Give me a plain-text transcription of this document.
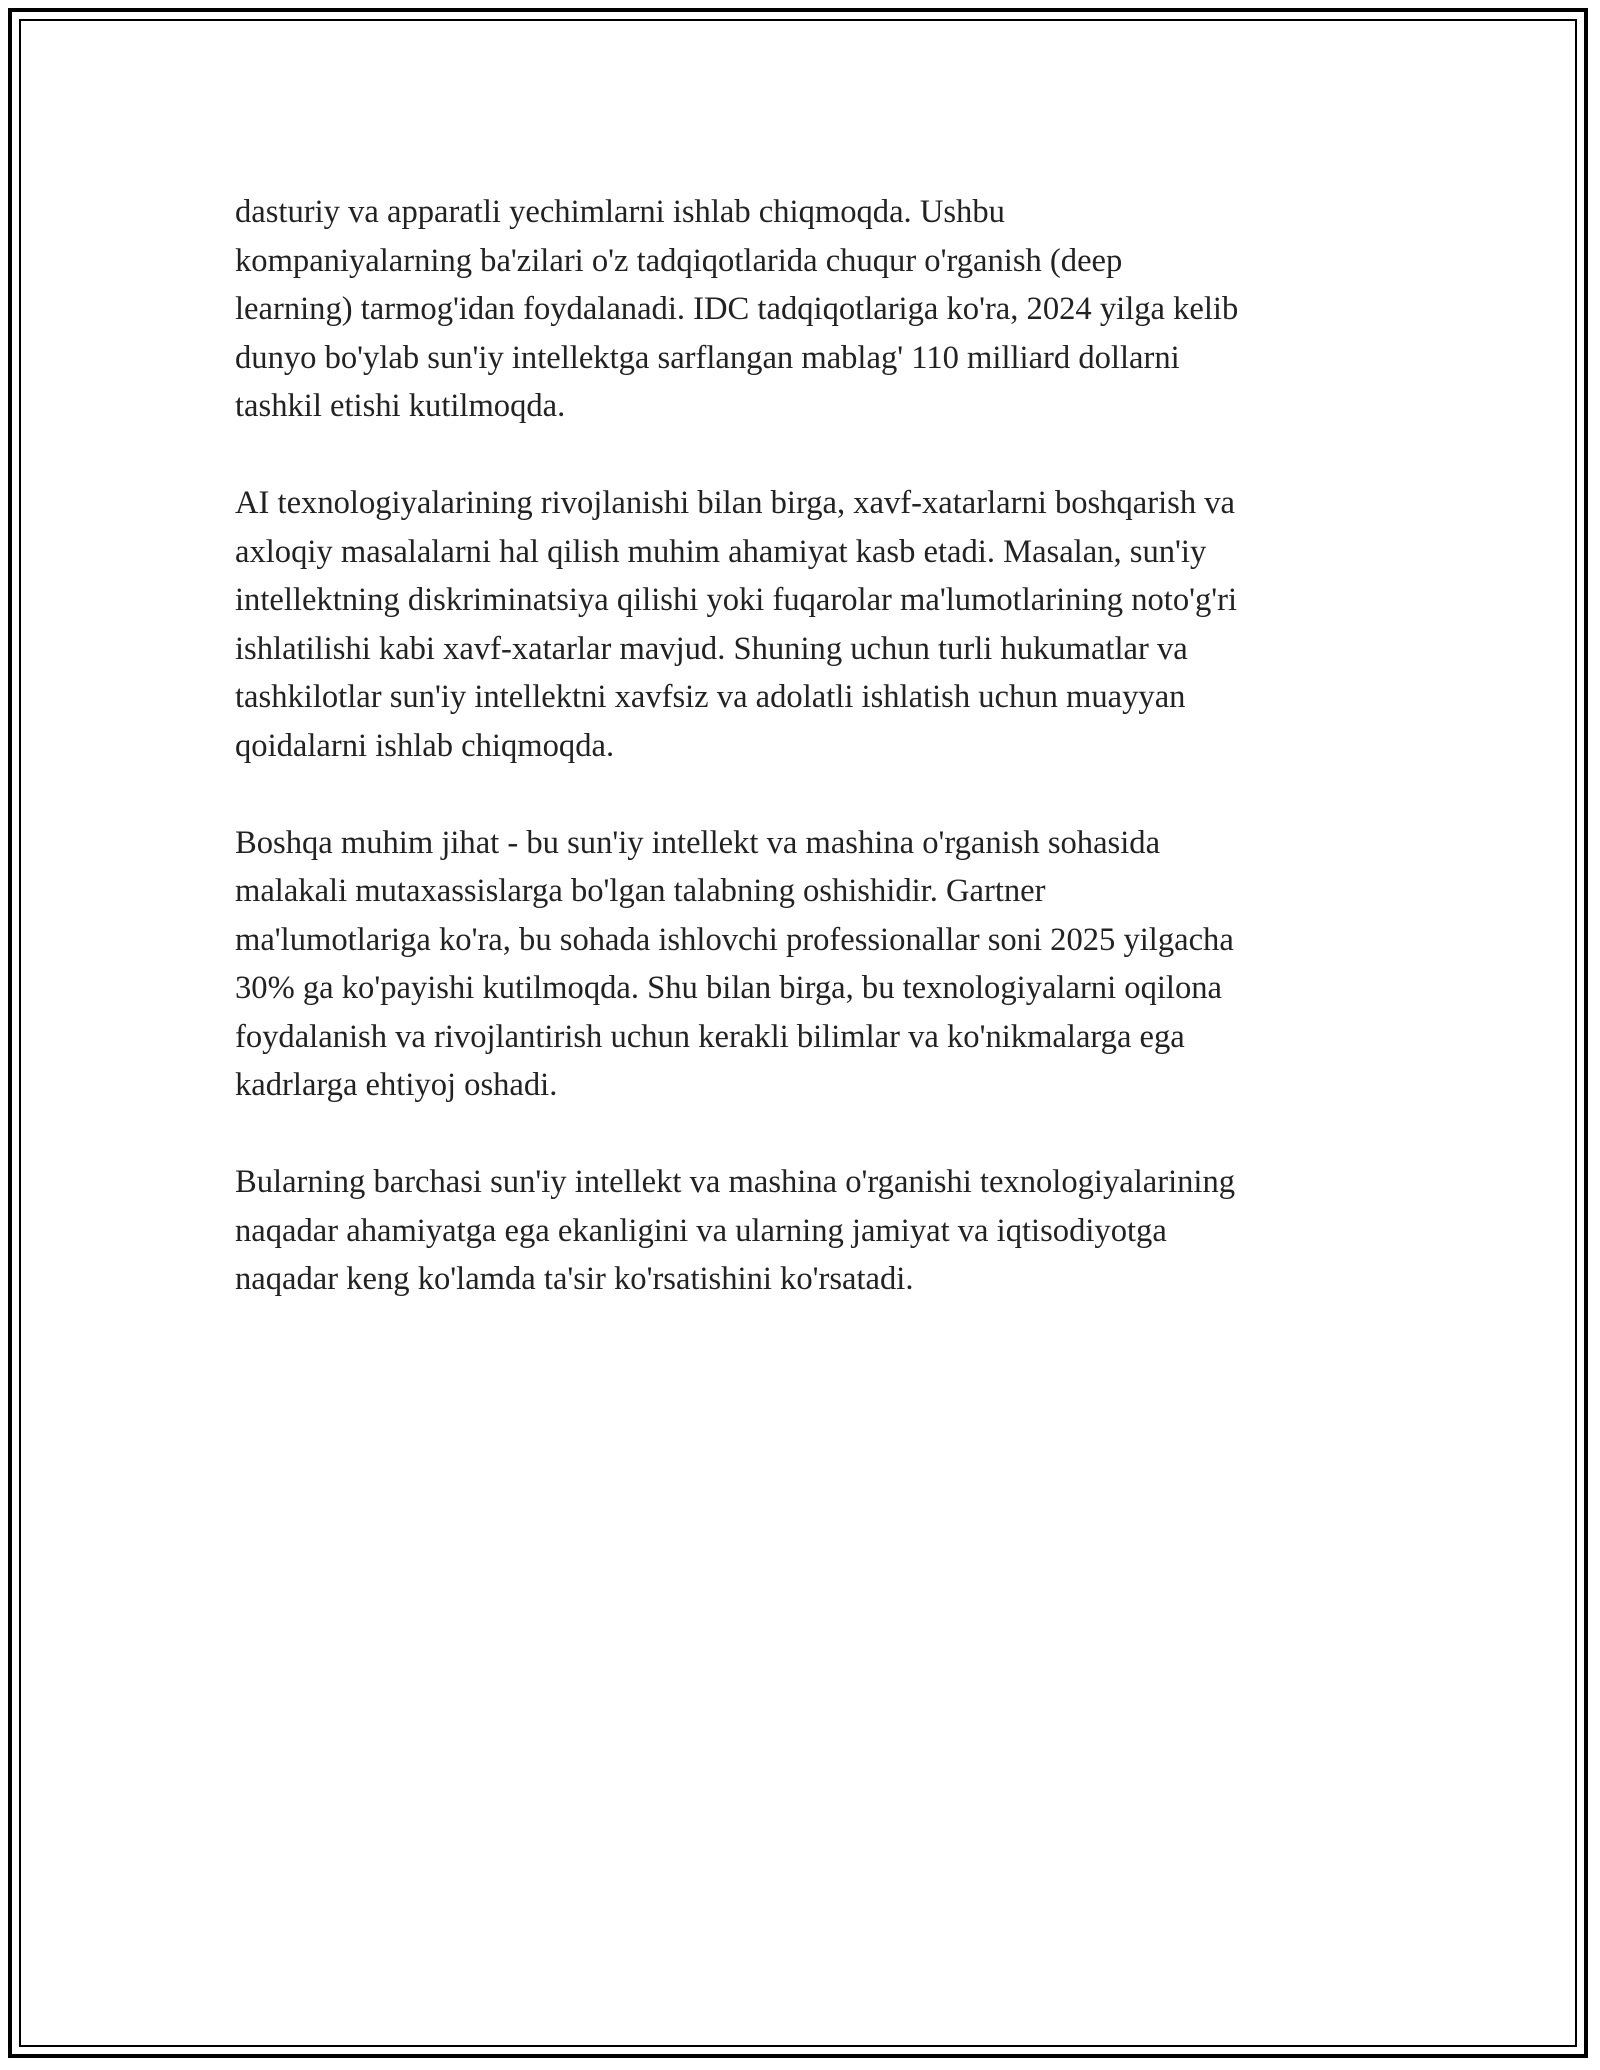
dasturiy va apparatli yechimlarni ishlab chiqmoqda. Ushbu
kompaniyalarning ba'zilari o'z tadqiqotlarida chuqur o'rganish (deep
learning) tarmog'idan foydalanadi. IDC tadqiqotlariga ko'ra, 2024 yilga kelib
dunyo bo'ylab sun'iy intellektga sarflangan mablag' 110 milliard dollarni
tashkil etishi kutilmoqda.

AI texnologiyalarining rivojlanishi bilan birga, xavf-xatarlarni boshqarish va
axloqiy masalalarni hal qilish muhim ahamiyat kasb etadi. Masalan, sun'iy
intellektning diskriminatsiya qilishi yoki fuqarolar ma'lumotlarining noto'g'ri
ishlatilishi kabi xavf-xatarlar mavjud. Shuning uchun turli hukumatlar va
tashkilotlar sun'iy intellektni xavfsiz va adolatli ishlatish uchun muayyan
qoidalarni ishlab chiqmoqda.

Boshqa muhim jihat - bu sun'iy intellekt va mashina o'rganish sohasida
malakali mutaxassislarga bo'lgan talabning oshishidir. Gartner
ma'lumotlariga ko'ra, bu sohada ishlovchi professionallar soni 2025 yilgacha
30% ga ko'payishi kutilmoqda. Shu bilan birga, bu texnologiyalarni oqilona
foydalanish va rivojlantirish uchun kerakli bilimlar va ko'nikmalarga ega
kadrlarga ehtiyoj oshadi.

Bularning barchasi sun'iy intellekt va mashina o'rganishi texnologiyalarining
naqadar ahamiyatga ega ekanligini va ularning jamiyat va iqtisodiyotga
naqadar keng ko'lamda ta'sir ko'rsatishini ko'rsatadi.
